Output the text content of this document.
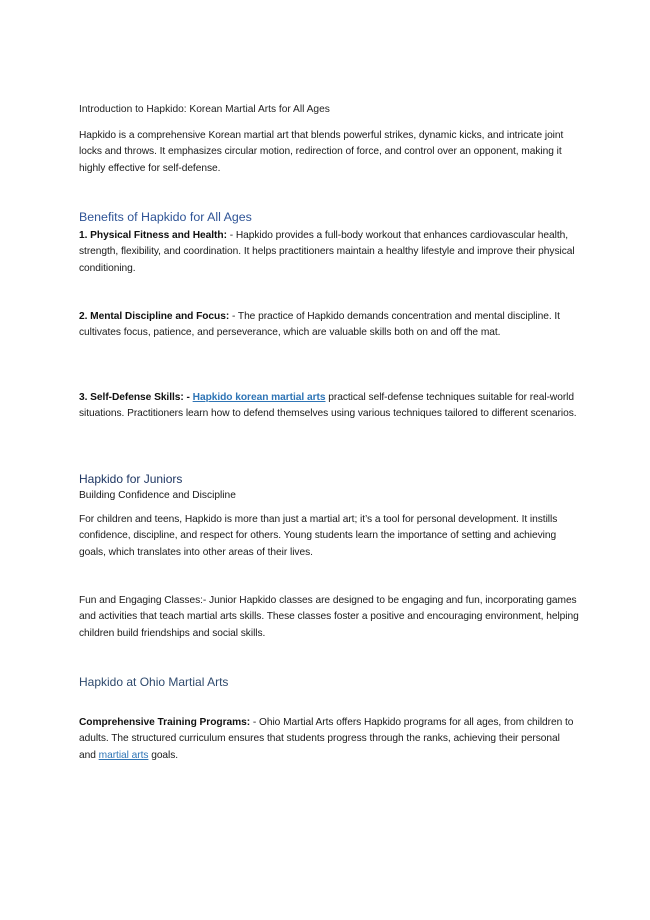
Introduction to Hapkido: Korean Martial Arts for All Ages

Hapkido is a comprehensive Korean martial art that blends powerful strikes, dynamic kicks, and intricate joint locks and throws. It emphasizes circular motion, redirection of force, and control over an opponent, making it highly effective for self-defense.

Benefits of Hapkido for All Ages

1. Physical Fitness and Health: - Hapkido provides a full-body workout that enhances cardiovascular health, strength, flexibility, and coordination. It helps practitioners maintain a healthy lifestyle and improve their physical conditioning.

2. Mental Discipline and Focus: - The practice of Hapkido demands concentration and mental discipline. It cultivates focus, patience, and perseverance, which are valuable skills both on and off the mat.

3. Self-Defense Skills: - Hapkido korean martial arts practical self-defense techniques suitable for real-world situations. Practitioners learn how to defend themselves using various techniques tailored to different scenarios.

Hapkido for Juniors

Building Confidence and Discipline

For children and teens, Hapkido is more than just a martial art; it’s a tool for personal development. It instills confidence, discipline, and respect for others. Young students learn the importance of setting and achieving goals, which translates into other areas of their lives.

Fun and Engaging Classes:- Junior Hapkido classes are designed to be engaging and fun, incorporating games and activities that teach martial arts skills. These classes foster a positive and encouraging environment, helping children build friendships and social skills.

Hapkido at Ohio Martial Arts

Comprehensive Training Programs: - Ohio Martial Arts offers Hapkido programs for all ages, from children to adults. The structured curriculum ensures that students progress through the ranks, achieving their personal and martial arts goals.
